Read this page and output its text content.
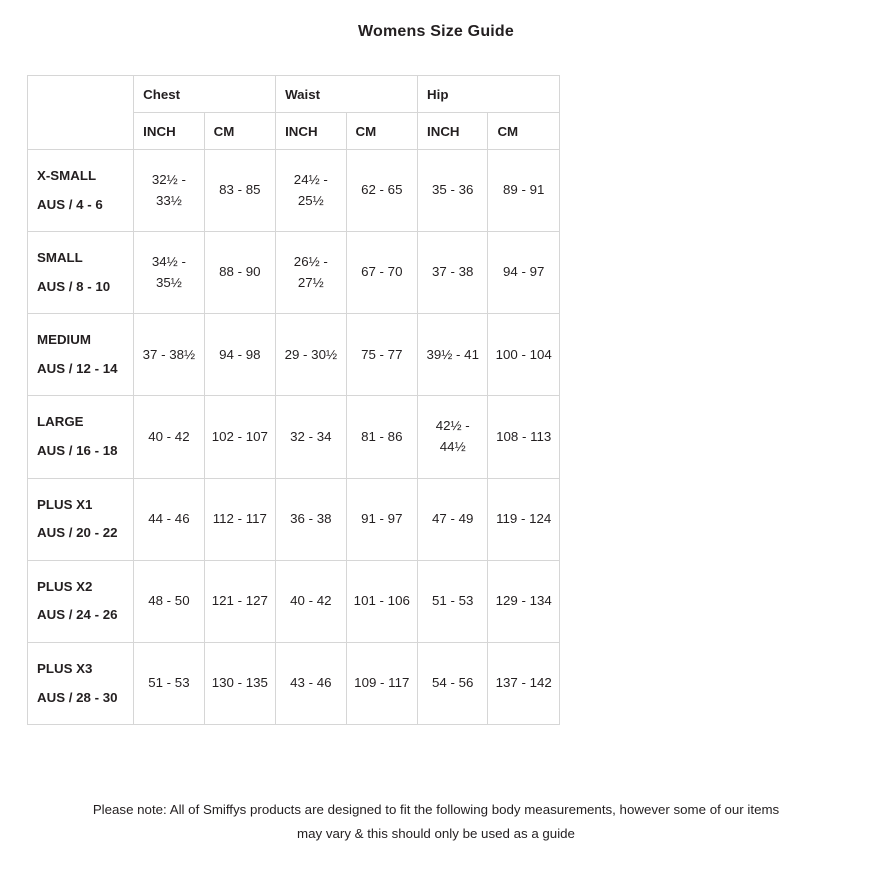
Womens Size Guide
	Chest		Waist		Hip	
	INCH	CM	INCH	CM	INCH	CM

X-SMALL
AUS / 4 - 6	32½ - 33½	83 - 85	24½ - 25½	62 - 65	35 - 36	89 - 91

SMALL
AUS / 8 - 10	34½ - 35½	88 - 90	26½ - 27½	67 - 70	37 - 38	94 - 97

MEDIUM
AUS / 12 - 14	37 - 38½	94 - 98	29 - 30½	75 - 77	39½ - 41	100 - 104

LARGE
AUS / 16 - 18	40 - 42	102 - 107	32 - 34	81 - 86	42½ - 44½	108 - 113

PLUS X1
AUS / 20 - 22	44 - 46	112 - 117	36 - 38	91 - 97	47 - 49	119 - 124

PLUS X2
AUS / 24 - 26	48 - 50	121 - 127	40 - 42	101 - 106	51 - 53	129 - 134

PLUS X3
AUS / 28 - 30	51 - 53	130 - 135	43 - 46	109 - 117	54 - 56	137 - 142
Please note: All of Smiffys products are designed to fit the following body measurements, however some of our items
may vary & this should only be used as a guide
